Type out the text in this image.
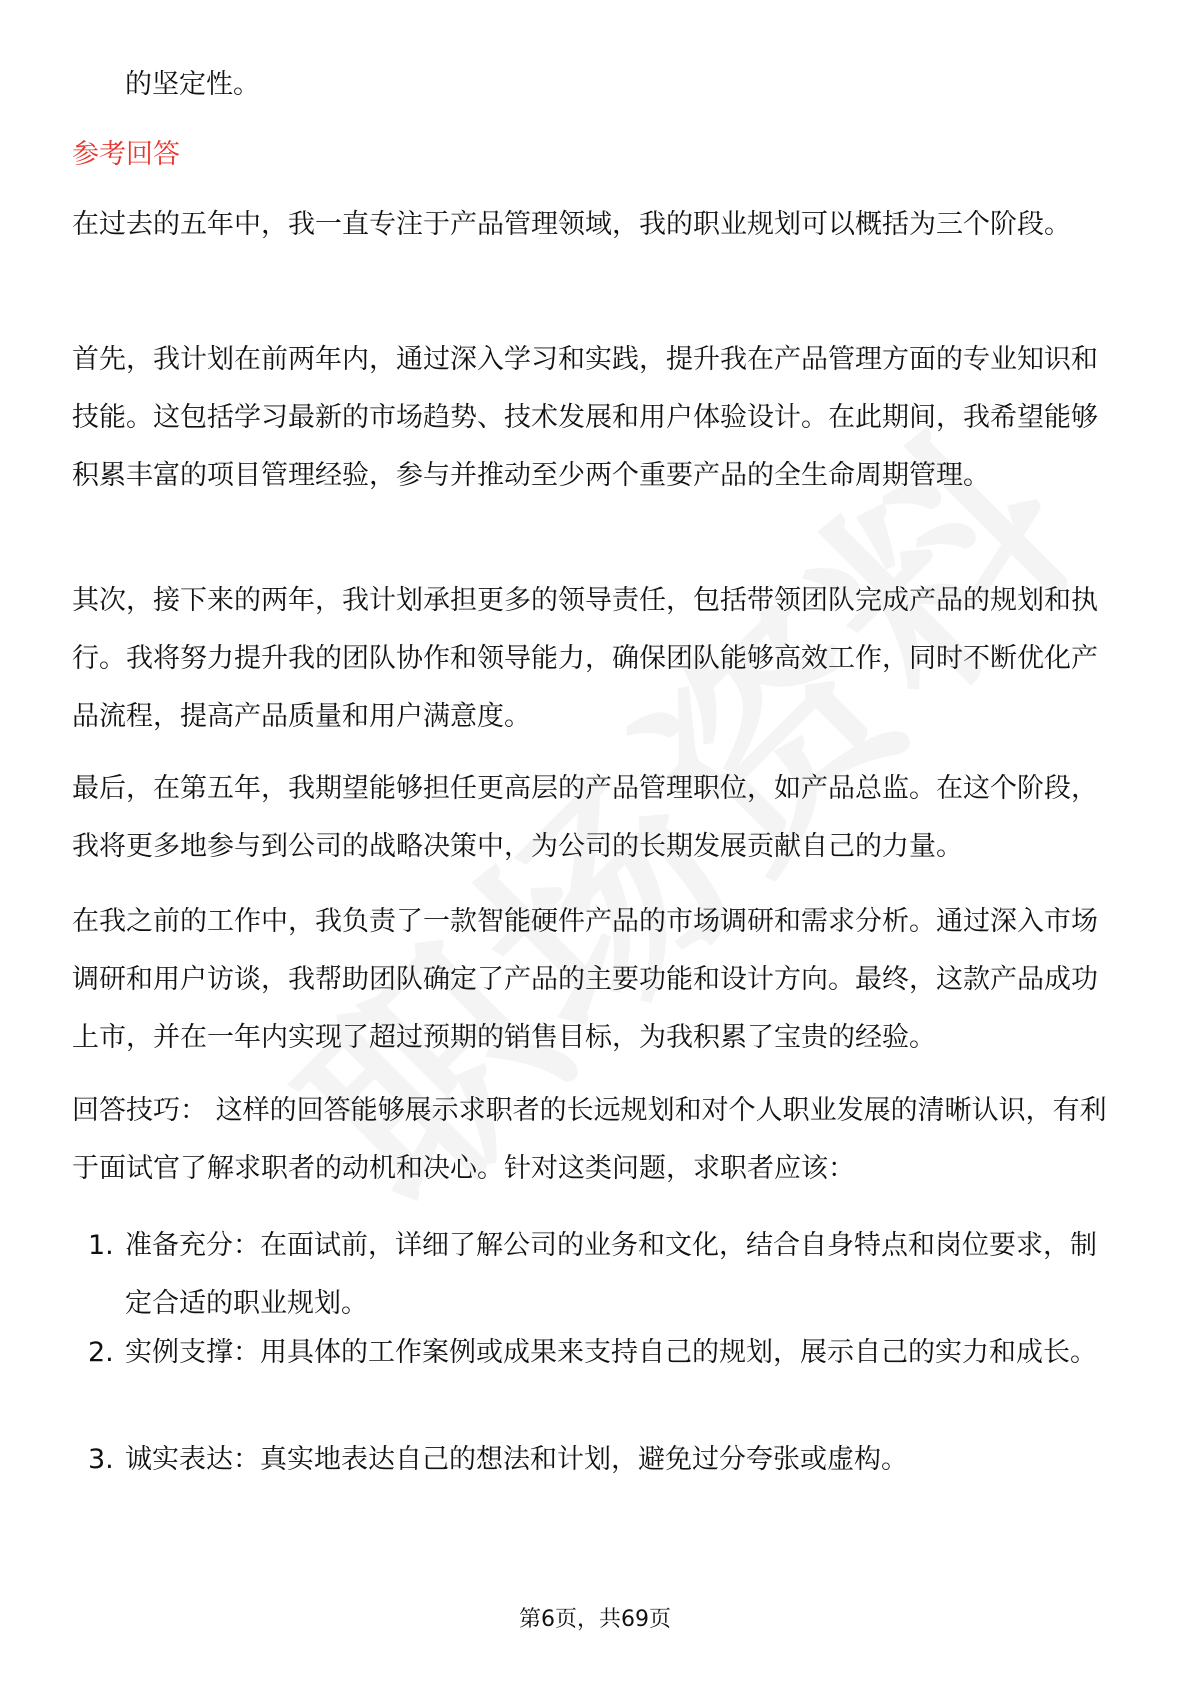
的坚定性。
参考回答
在过去的五年中，我一直专注于产品管理领域，我的职业规划可以概括为三个阶段。
首先，我计划在前两年内，通过深入学习和实践，提升我在产品管理方面的专业知识和技能。这包括学习最新的市场趋势、技术发展和用户体验设计。在此期间，我希望能够积累丰富的项目管理经验，参与并推动至少两个重要产品的全生命周期管理。
其次，接下来的两年，我计划承担更多的领导责任，包括带领团队完成产品的规划和执行。我将努力提升我的团队协作和领导能力，确保团队能够高效工作，同时不断优化产品流程，提高产品质量和用户满意度。
最后，在第五年，我期望能够担任更高层的产品管理职位，如产品总监。在这个阶段，我将更多地参与到公司的战略决策中，为公司的长期发展贡献自己的力量。
在我之前的工作中，我负责了一款智能硬件产品的市场调研和需求分析。通过深入市场调研和用户访谈，我帮助团队确定了产品的主要功能和设计方向。最终，这款产品成功上市，并在一年内实现了超过预期的销售目标，为我积累了宝贵的经验。
回答技巧： 这样的回答能够展示求职者的长远规划和对个人职业发展的清晰认识，有利于面试官了解求职者的动机和决心。针对这类问题，求职者应该：
1. 准备充分：在面试前，详细了解公司的业务和文化，结合自身特点和岗位要求，制定合适的职业规划。
2. 实例支撑：用具体的工作案例或成果来支持自己的规划，展示自己的实力和成长。
3. 诚实表达：真实地表达自己的想法和计划，避免过分夸张或虚构。
第6页，共69页
